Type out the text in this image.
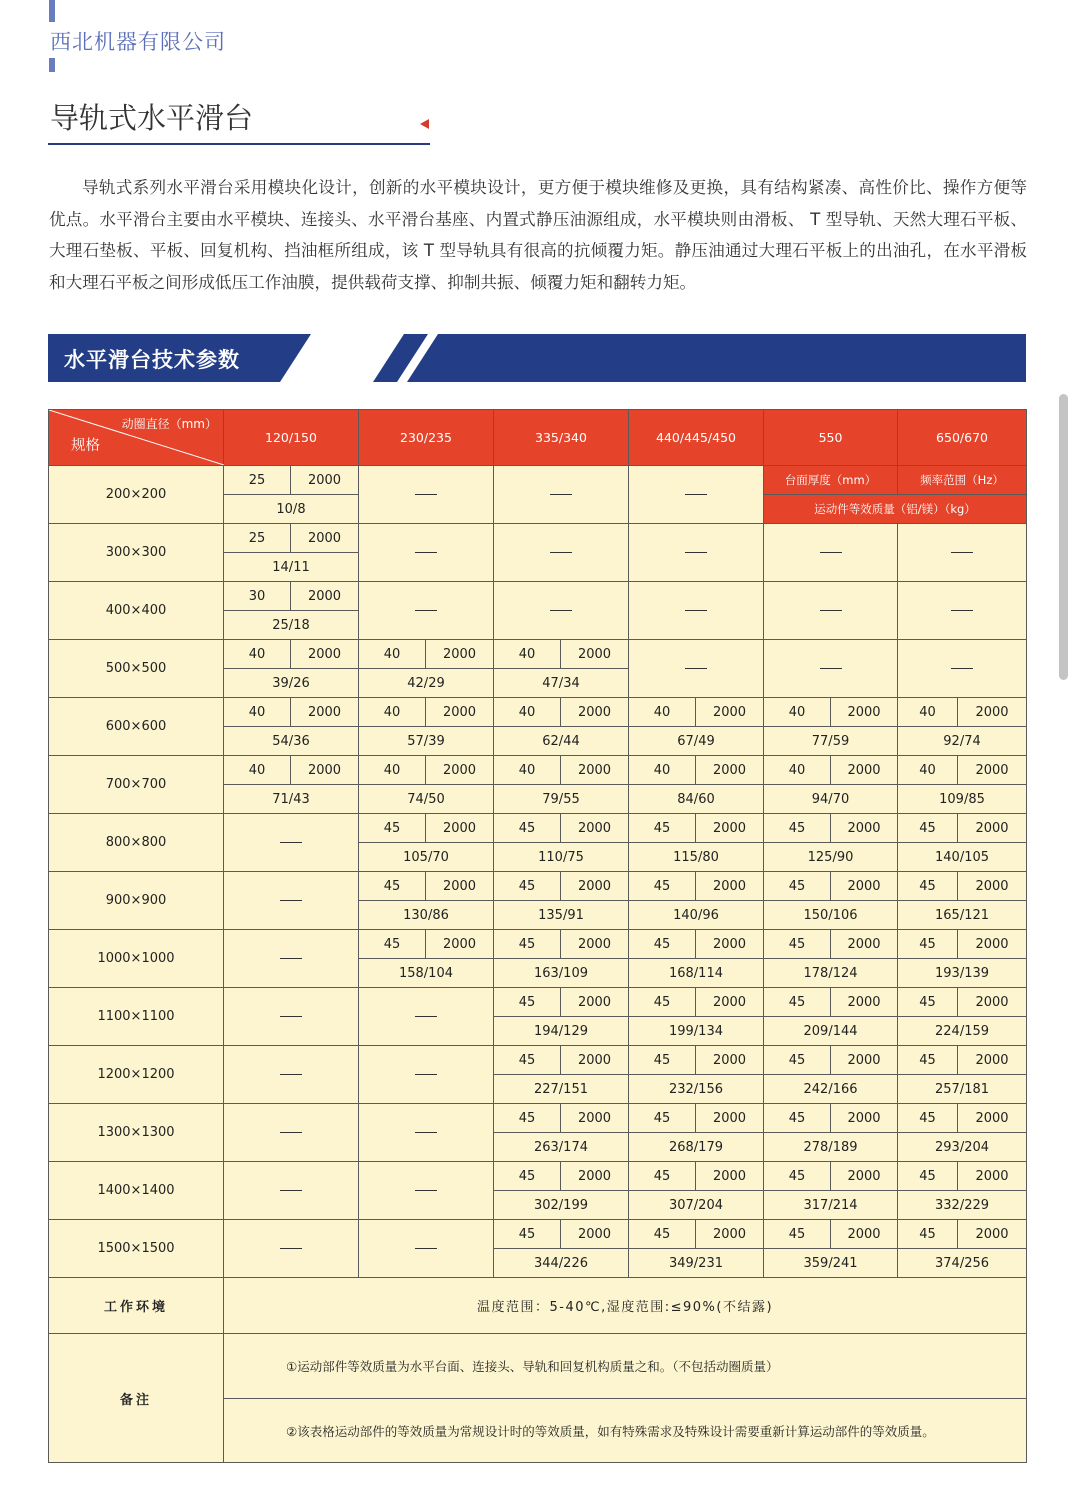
西北机器有限公司
导轨式水平滑台
导轨式系列水平滑台采用模块化设计，创新的水平模块设计，更方便于模块维修及更换，具有结构紧凑、高性价比、操作方便等优点。水平滑台主要由水平模块、连接头、水平滑台基座、内置式静压油源组成，水平模块则由滑板、 T 型导轨、天然大理石平板、大理石垫板、平板、回复机构、挡油框所组成，该 T 型导轨具有很高的抗倾覆力矩。静压油通过大理石平板上的出油孔，在水平滑板和大理石平板之间形成低压工作油膜，提供载荷支撑、抑制共振、倾覆力矩和翻转力矩。
水平滑台技术参数
动圈直径（mm）
规格	120/150		230/235		335/340		440/445/450		550		650/670	
200×200	25	2000							台面厚度（mm）		频率范围（Hz）	
	10/8								运动件等效质量（铝/镁）（kg）			
300×300	25	2000										
	14/11											
400×400	30	2000										
	25/18											
500×500	40	2000	40	2000	40	2000						
	39/26		42/29		47/34							
600×600	40	2000	40	2000	40	2000	40	2000	40	2000	40	2000
	54/36		57/39		62/44		67/49		77/59		92/74	
700×700	40	2000	40	2000	40	2000	40	2000	40	2000	40	2000
	71/43		74/50		79/55		84/60		94/70		109/85	
800×800			45	2000	45	2000	45	2000	45	2000	45	2000
			105/70		110/75		115/80		125/90		140/105	
900×900			45	2000	45	2000	45	2000	45	2000	45	2000
			130/86		135/91		140/96		150/106		165/121	
1000×1000			45	2000	45	2000	45	2000	45	2000	45	2000
			158/104		163/109		168/114		178/124		193/139	
1100×1100					45	2000	45	2000	45	2000	45	2000
					194/129		199/134		209/144		224/159	
1200×1200					45	2000	45	2000	45	2000	45	2000
					227/151		232/156		242/166		257/181	
1300×1300					45	2000	45	2000	45	2000	45	2000
					263/174		268/179		278/189		293/204	
1400×1400					45	2000	45	2000	45	2000	45	2000
					302/199		307/204		317/214		332/229	
1500×1500					45	2000	45	2000	45	2000	45	2000
					344/226		349/231		359/241		374/256	
工作环境	温度范围：5-40℃,湿度范围:≤90%(不结露)											
备注	①运动部件等效质量为水平台面、连接头、导轨和回复机构质量之和。（不包括动圈质量）											
	②该表格运动部件的等效质量为常规设计时的等效质量，如有特殊需求及特殊设计需要重新计算运动部件的等效质量。											
